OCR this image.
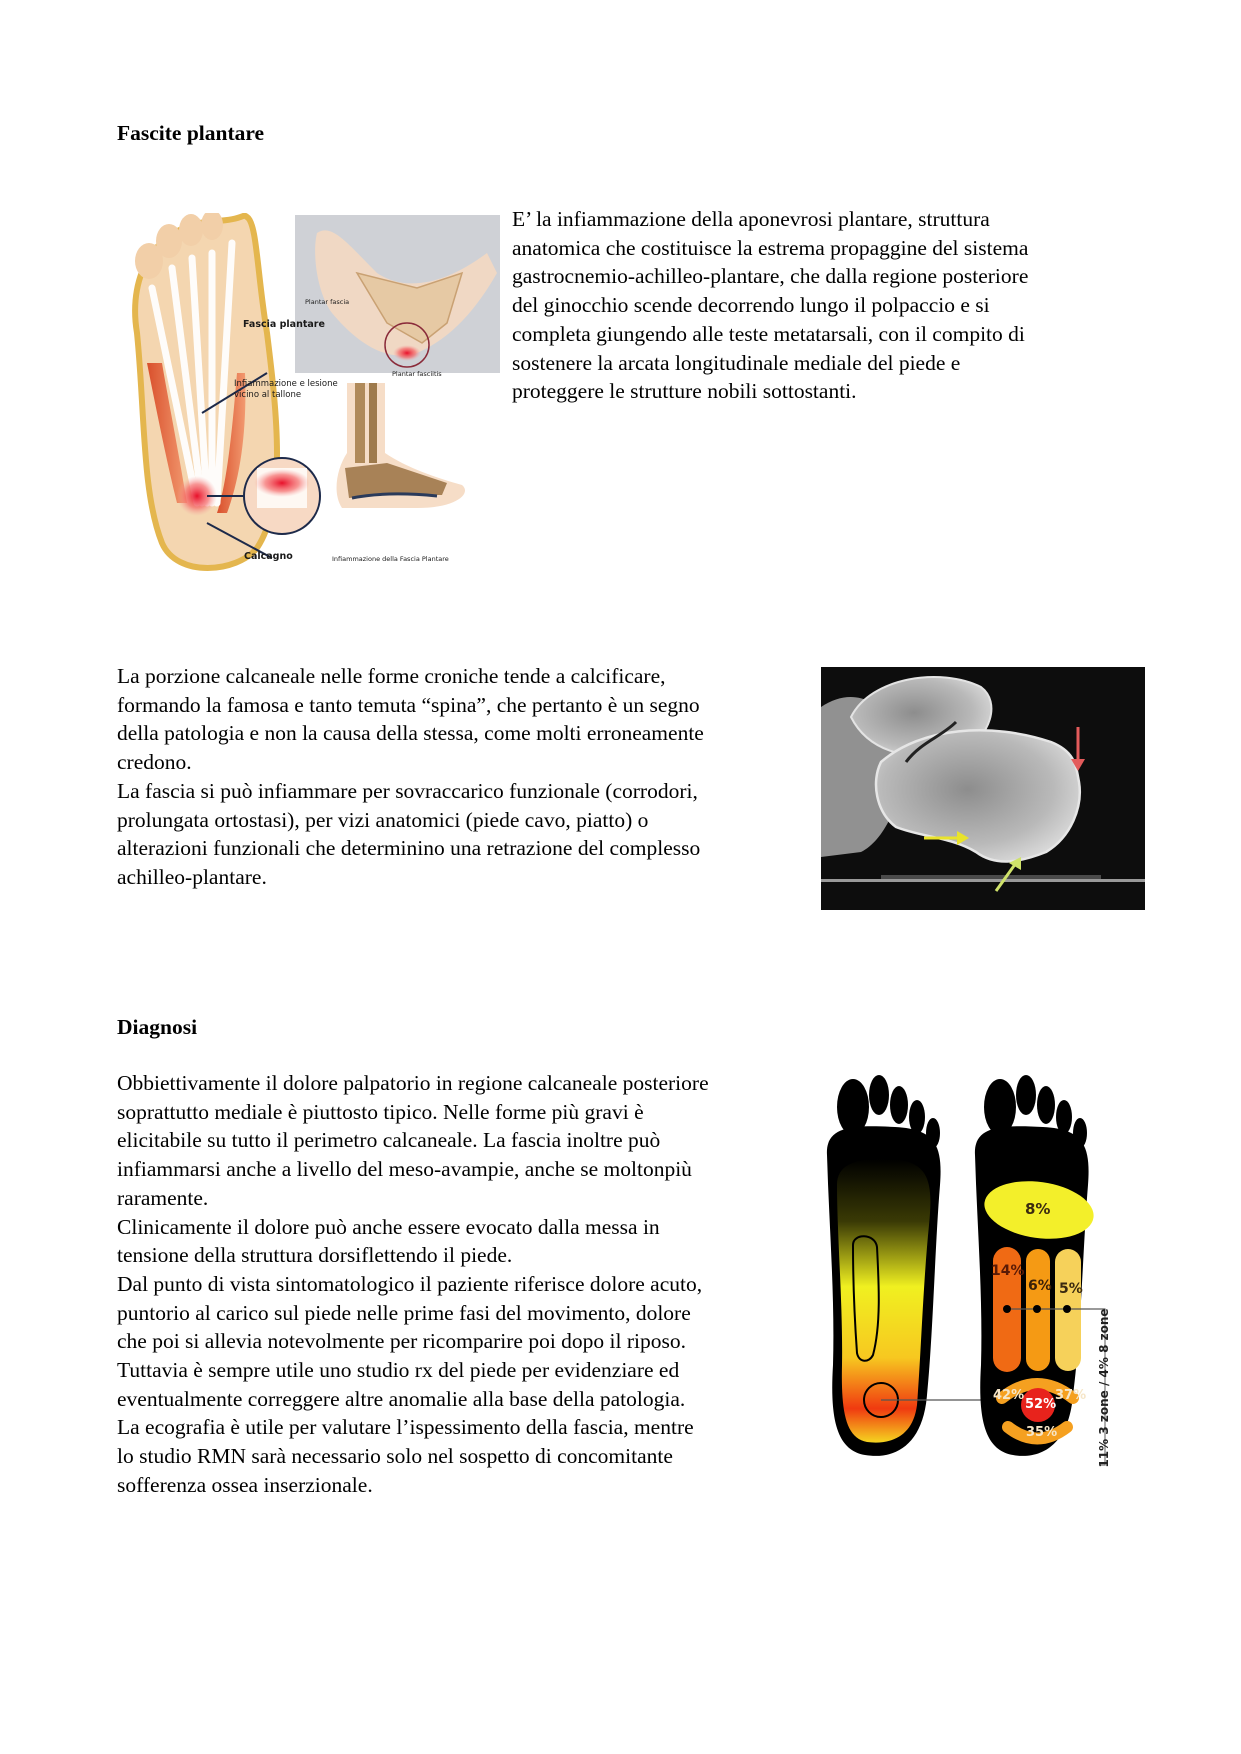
Fascite plantare
Fascia plantare
Infiammazione e lesione
vicino al tallone
Calcagno
Plantar fascia
Plantar fasciitis
Infiammazione della Fascia Plantare

E’ la infiammazione della aponevrosi plantare, struttura

anatomica che costituisce la estrema propaggine del sistema

gastrocnemio-achilleo-plantare, che dalla regione posteriore

del ginocchio scende decorrendo lungo il polpaccio e si

completa giungendo alle teste metatarsali, con il compito di

sostenere la arcata longitudinale mediale del piede e

proteggere le strutture nobili sottostanti.

La porzione calcaneale nelle forme croniche tende a calcificare,

formando la famosa e tanto temuta “spina”, che pertanto è un segno

della patologia e non la causa della stessa, come molti erroneamente

credono.

La fascia si può infiammare per sovraccarico funzionale (corrodori,

prolungata ortostasi), per vizi anatomici (piede cavo, piatto) o

alterazioni funzionali che determinino una retrazione del complesso

achilleo-plantare.

Diagnosi

Obbiettivamente il dolore palpatorio in regione calcaneale posteriore

soprattutto mediale è piuttosto tipico. Nelle forme più gravi è

elicitabile su tutto il perimetro calcaneale. La fascia inoltre può

infiammarsi anche a livello del meso-avampie, anche se moltonpiù

raramente.

Clinicamente il dolore può anche essere evocato dalla messa in

tensione della struttura dorsiflettendo il piede.

Dal punto di vista sintomatologico il paziente riferisce dolore acuto,

puntorio al carico sul piede nelle prime fasi del movimento, dolore

che poi si allevia notevolmente per ricomparire poi dopo il riposo.

Tuttavia è sempre utile uno studio rx del piede per evidenziare ed

eventualmente correggere altre anomalie alla base della patologia.

La ecografia è utile per valutare l’ispessimento della fascia, mentre

lo studio RMN sarà necessario solo nel sospetto di concomitante

sofferenza ossea inserzionale.

8%
14%
6% 5%
42% 37%
52%
35%	11% 3 zone / 4% 8 zone
